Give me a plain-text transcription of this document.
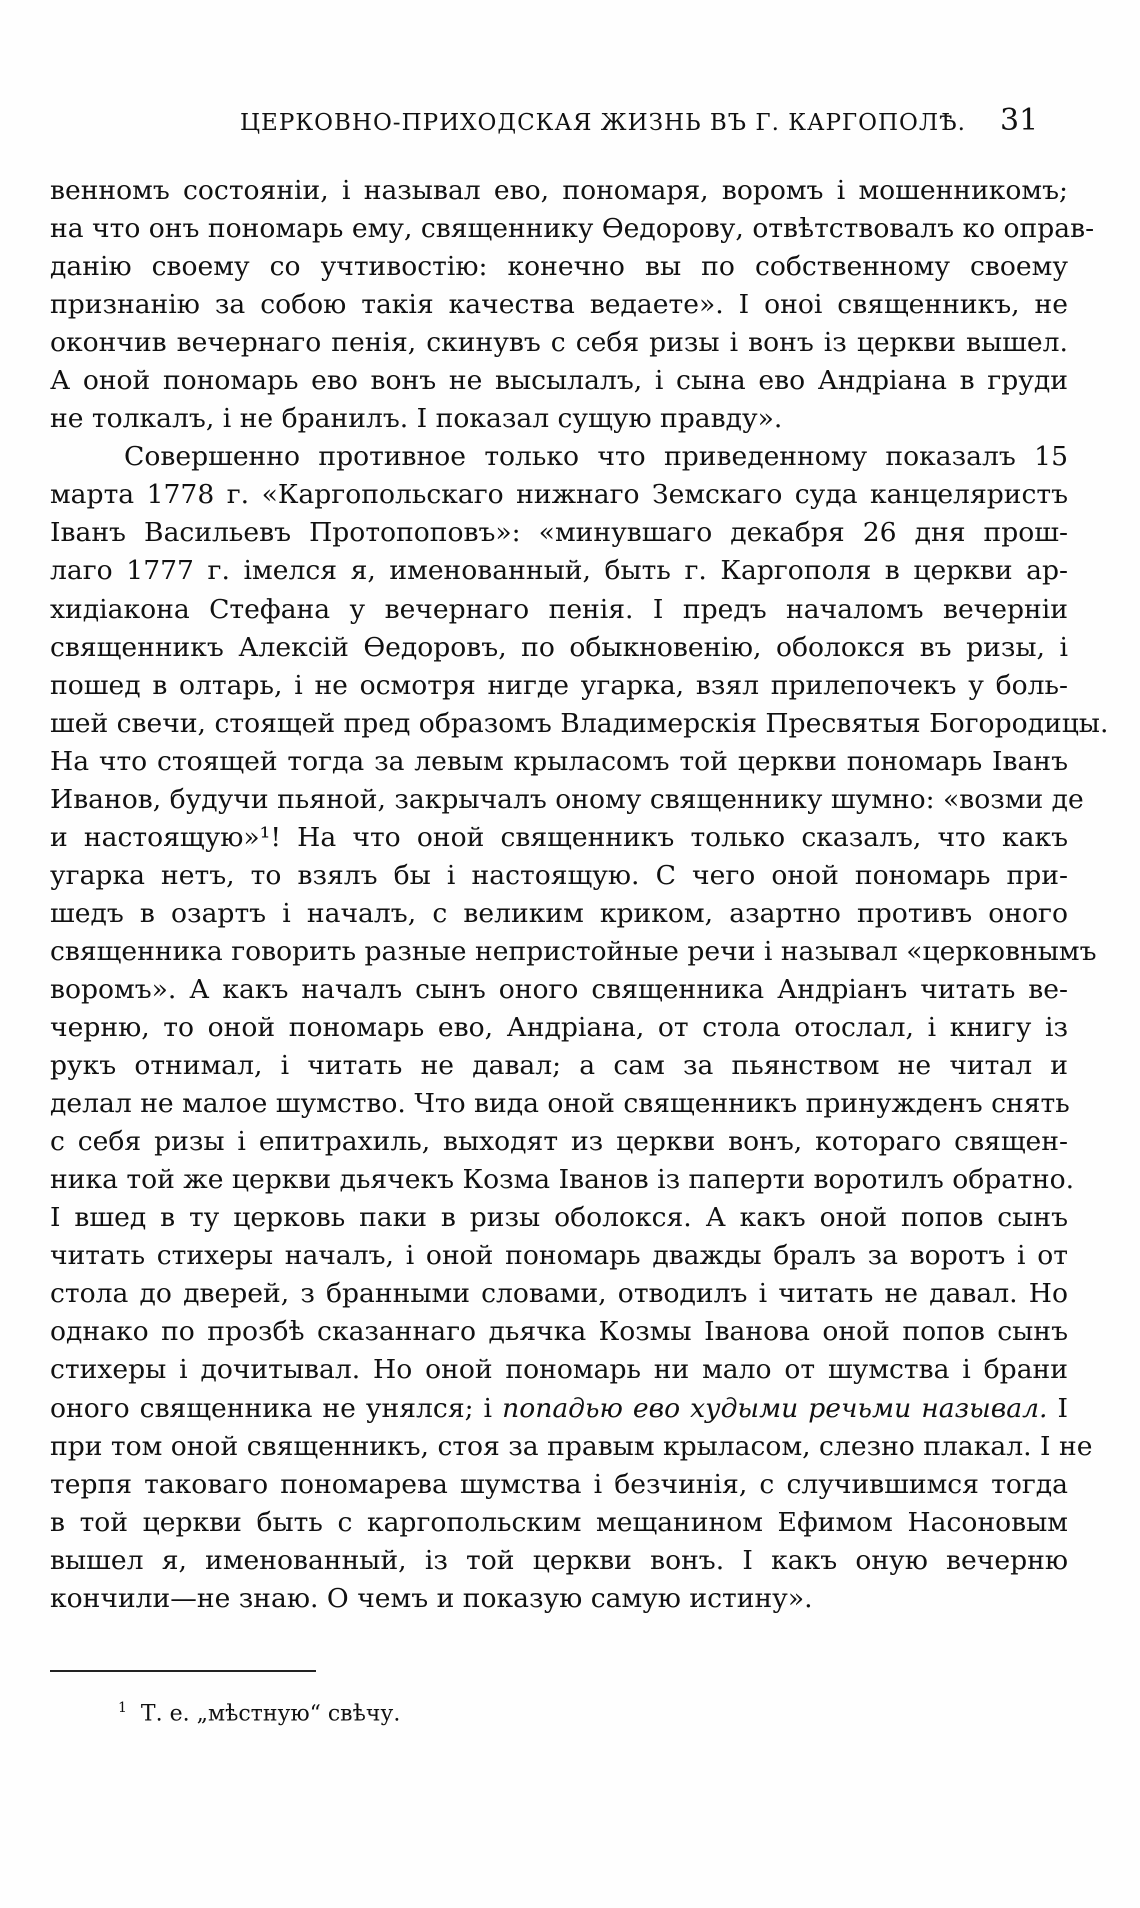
ЦЕРКОВНО-ПРИХОДСКАЯ ЖИЗНЬ ВЪ Г. КАРГОПОЛѢ. 31
венномъ состояніи, і называл ево, пономаря, воромъ і мошенникомъ;
на что онъ пономарь ему, священнику Өедорову, отвѣтствовалъ ко оправ-
данію своему со учтивостію: конечно вы по собственному своему
признанію за собою такія качества ведаете». I оноі священникъ, не
окончив вечернаго пенія, скинувъ с себя ризы і вонъ із церкви вышел.
А оной пономарь ево вонъ не высылалъ, і сына ево Андріана в груди
не толкалъ, і не бранилъ. I показал сущую правду».
Совершенно противное только что приведенному показалъ 15
марта 1778 г. «Каргопольскаго нижнаго Земскаго суда канцеляристъ
Іванъ Васильевъ Протопоповъ»: «минувшаго декабря 26 дня прош-
лаго 1777 г. імелся я, именованный, быть г. Каргополя в церкви ар-
хидіакона Стефана у вечернаго пенія. I предъ началомъ вечерніи
священникъ Алексій Өедоровъ, по обыкновенію, оболокся въ ризы, і
пошед в олтарь, і не осмотря нигде угарка, взял прилепочекъ у боль-
шей свечи, стоящей пред образомъ Владимерскія Пресвятыя Богородицы.
На что стоящей тогда за левым крыласомъ той церкви пономарь Іванъ
Иванов, будучи пьяной, закрычалъ оному священнику шумно: «возми де
и настоящую»¹! На что оной священникъ только сказалъ, что какъ
угарка нетъ, то взялъ бы і настоящую. С чего оной пономарь при-
шедъ в озартъ і началъ, с великим криком, азартно противъ оного
священника говорить разные непристойные речи і называл «церковнымъ
воромъ». А какъ началъ сынъ оного священника Андріанъ читать ве-
черню, то оной пономарь ево, Андріана, от стола отослал, і книгу із
рукъ отнимал, і читать не давал; а сам за пьянством не читал и
делал не малое шумство. Что вида оной священникъ принужденъ снять
с себя ризы і епитрахиль, выходят из церкви вонъ, котораго священ-
ника той же церкви дьячекъ Козма Іванов із паперти воротилъ обратно.
I вшед в ту церковь паки в ризы оболокся. А какъ оной попов сынъ
читать стихеры началъ, і оной пономарь дважды бралъ за воротъ і от
стола до дверей, з бранными словами, отводилъ і читать не давал. Но
однако по прозбѣ сказаннаго дьячка Козмы Іванова оной попов сынъ
стихеры і дочитывал. Но оной пономарь ни мало от шумства і брани
оного священника не унялся; і попадью ево худыми речьми называл. I
при том оной священникъ, стоя за правым крыласом, слезно плакал. I не
терпя таковаго пономарева шумства і безчинія, с случившимся тогда
в той церкви быть с каргопольским мещанином Ефимом Насоновым
вышел я, именованный, із той церкви вонъ. I какъ оную вечерню
кончили—не знаю. О чемъ и показую самую истину».
$^1$ Т. е. „мѣстную“ свѣчу.
